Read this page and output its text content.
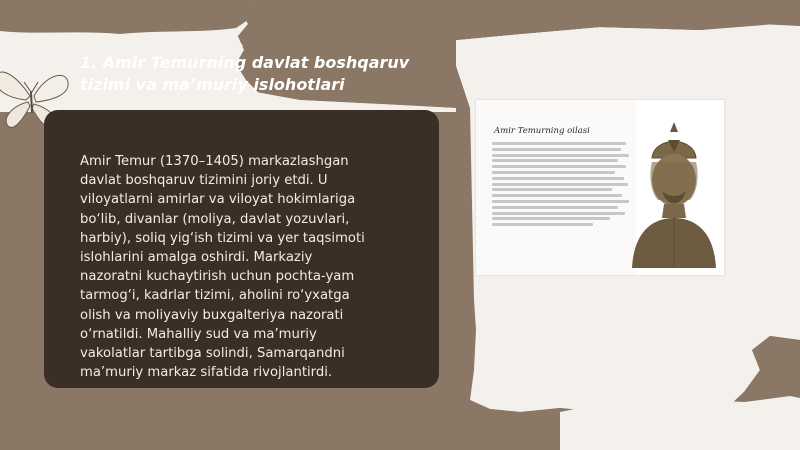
1. Amir Temurning davlat boshqaruv
tizimi va ma’muriy islohotlari

Amir Temur (1370–1405) markazlashgan
davlat boshqaruv tizimini joriy etdi. U
viloyatlarni amirlar va viloyat hokimlariga
bo‘lib, divanlar (moliya, davlat yozuvlari,
harbiy), soliq yig‘ish tizimi va yer taqsimoti
islohlarini amalga oshirdi. Markaziy
nazoratni kuchaytirish uchun pochta-yam
tarmog‘i, kadrlar tizimi, aholini ro‘yxatga
olish va moliyaviy buxgalteriya nazorati
o‘rnatildi. Mahalliy sud va ma’muriy
vakolatlar tartibga solindi, Samarqandni
ma’muriy markaz sifatida rivojlantirdi.

Amir Temurning oilasi
